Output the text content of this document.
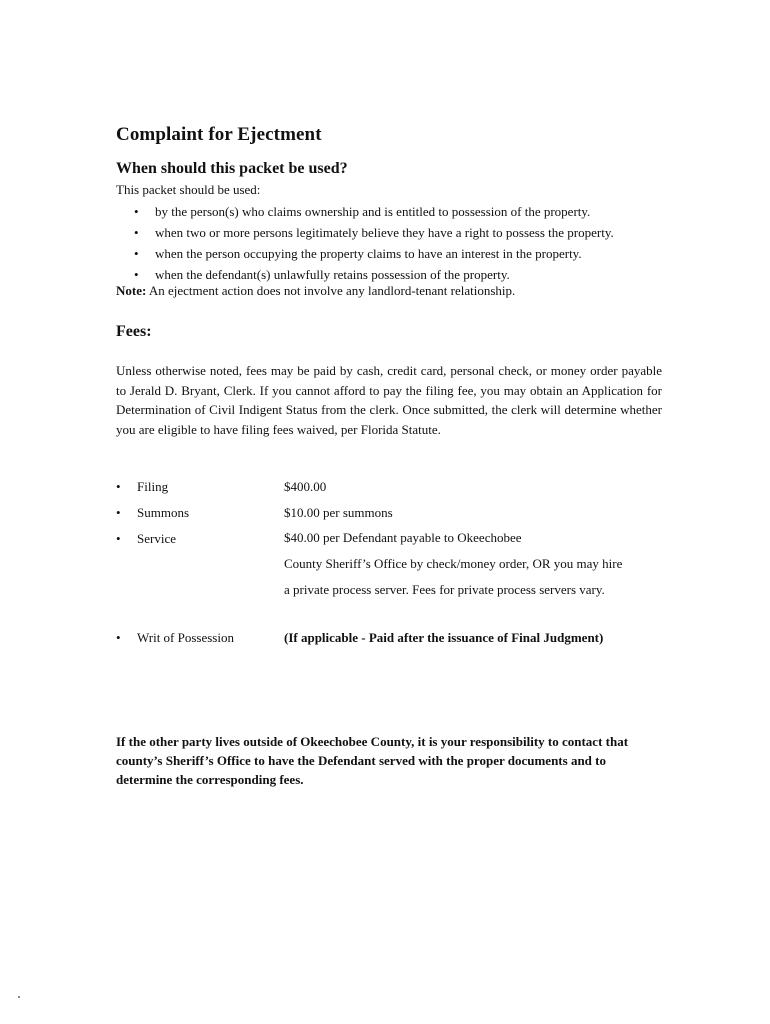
Complaint for Ejectment
When should this packet be used?
This packet should be used:
• by the person(s) who claims ownership and is entitled to possession of the property.
• when two or more persons legitimately believe they have a right to possess the property.
• when the person occupying the property claims to have an interest in the property.
• when the defendant(s) unlawfully retains possession of the property.
Note: An ejectment action does not involve any landlord-tenant relationship.
Fees:
Unless otherwise noted, fees may be paid by cash, credit card, personal check, or money order payable to Jerald D. Bryant, Clerk. If you cannot afford to pay the filing fee, you may obtain an Application for Determination of Civil Indigent Status from the clerk. Once submitted, the clerk will determine whether you are eligible to have filing fees waived, per Florida Statute.
• Filing	$400.00
• Summons	$10.00 per summons
• Service	$40.00 per Defendant payable to Okeechobee
County Sheriff’s Office by check/money order, OR you may hire
a private process server. Fees for private process servers vary.
• Writ of Possession	(If applicable - Paid after the issuance of Final Judgment)
If the other party lives outside of Okeechobee County, it is your responsibility to contact that county’s Sheriff’s Office to have the Defendant served with the proper documents and to determine the corresponding fees.
